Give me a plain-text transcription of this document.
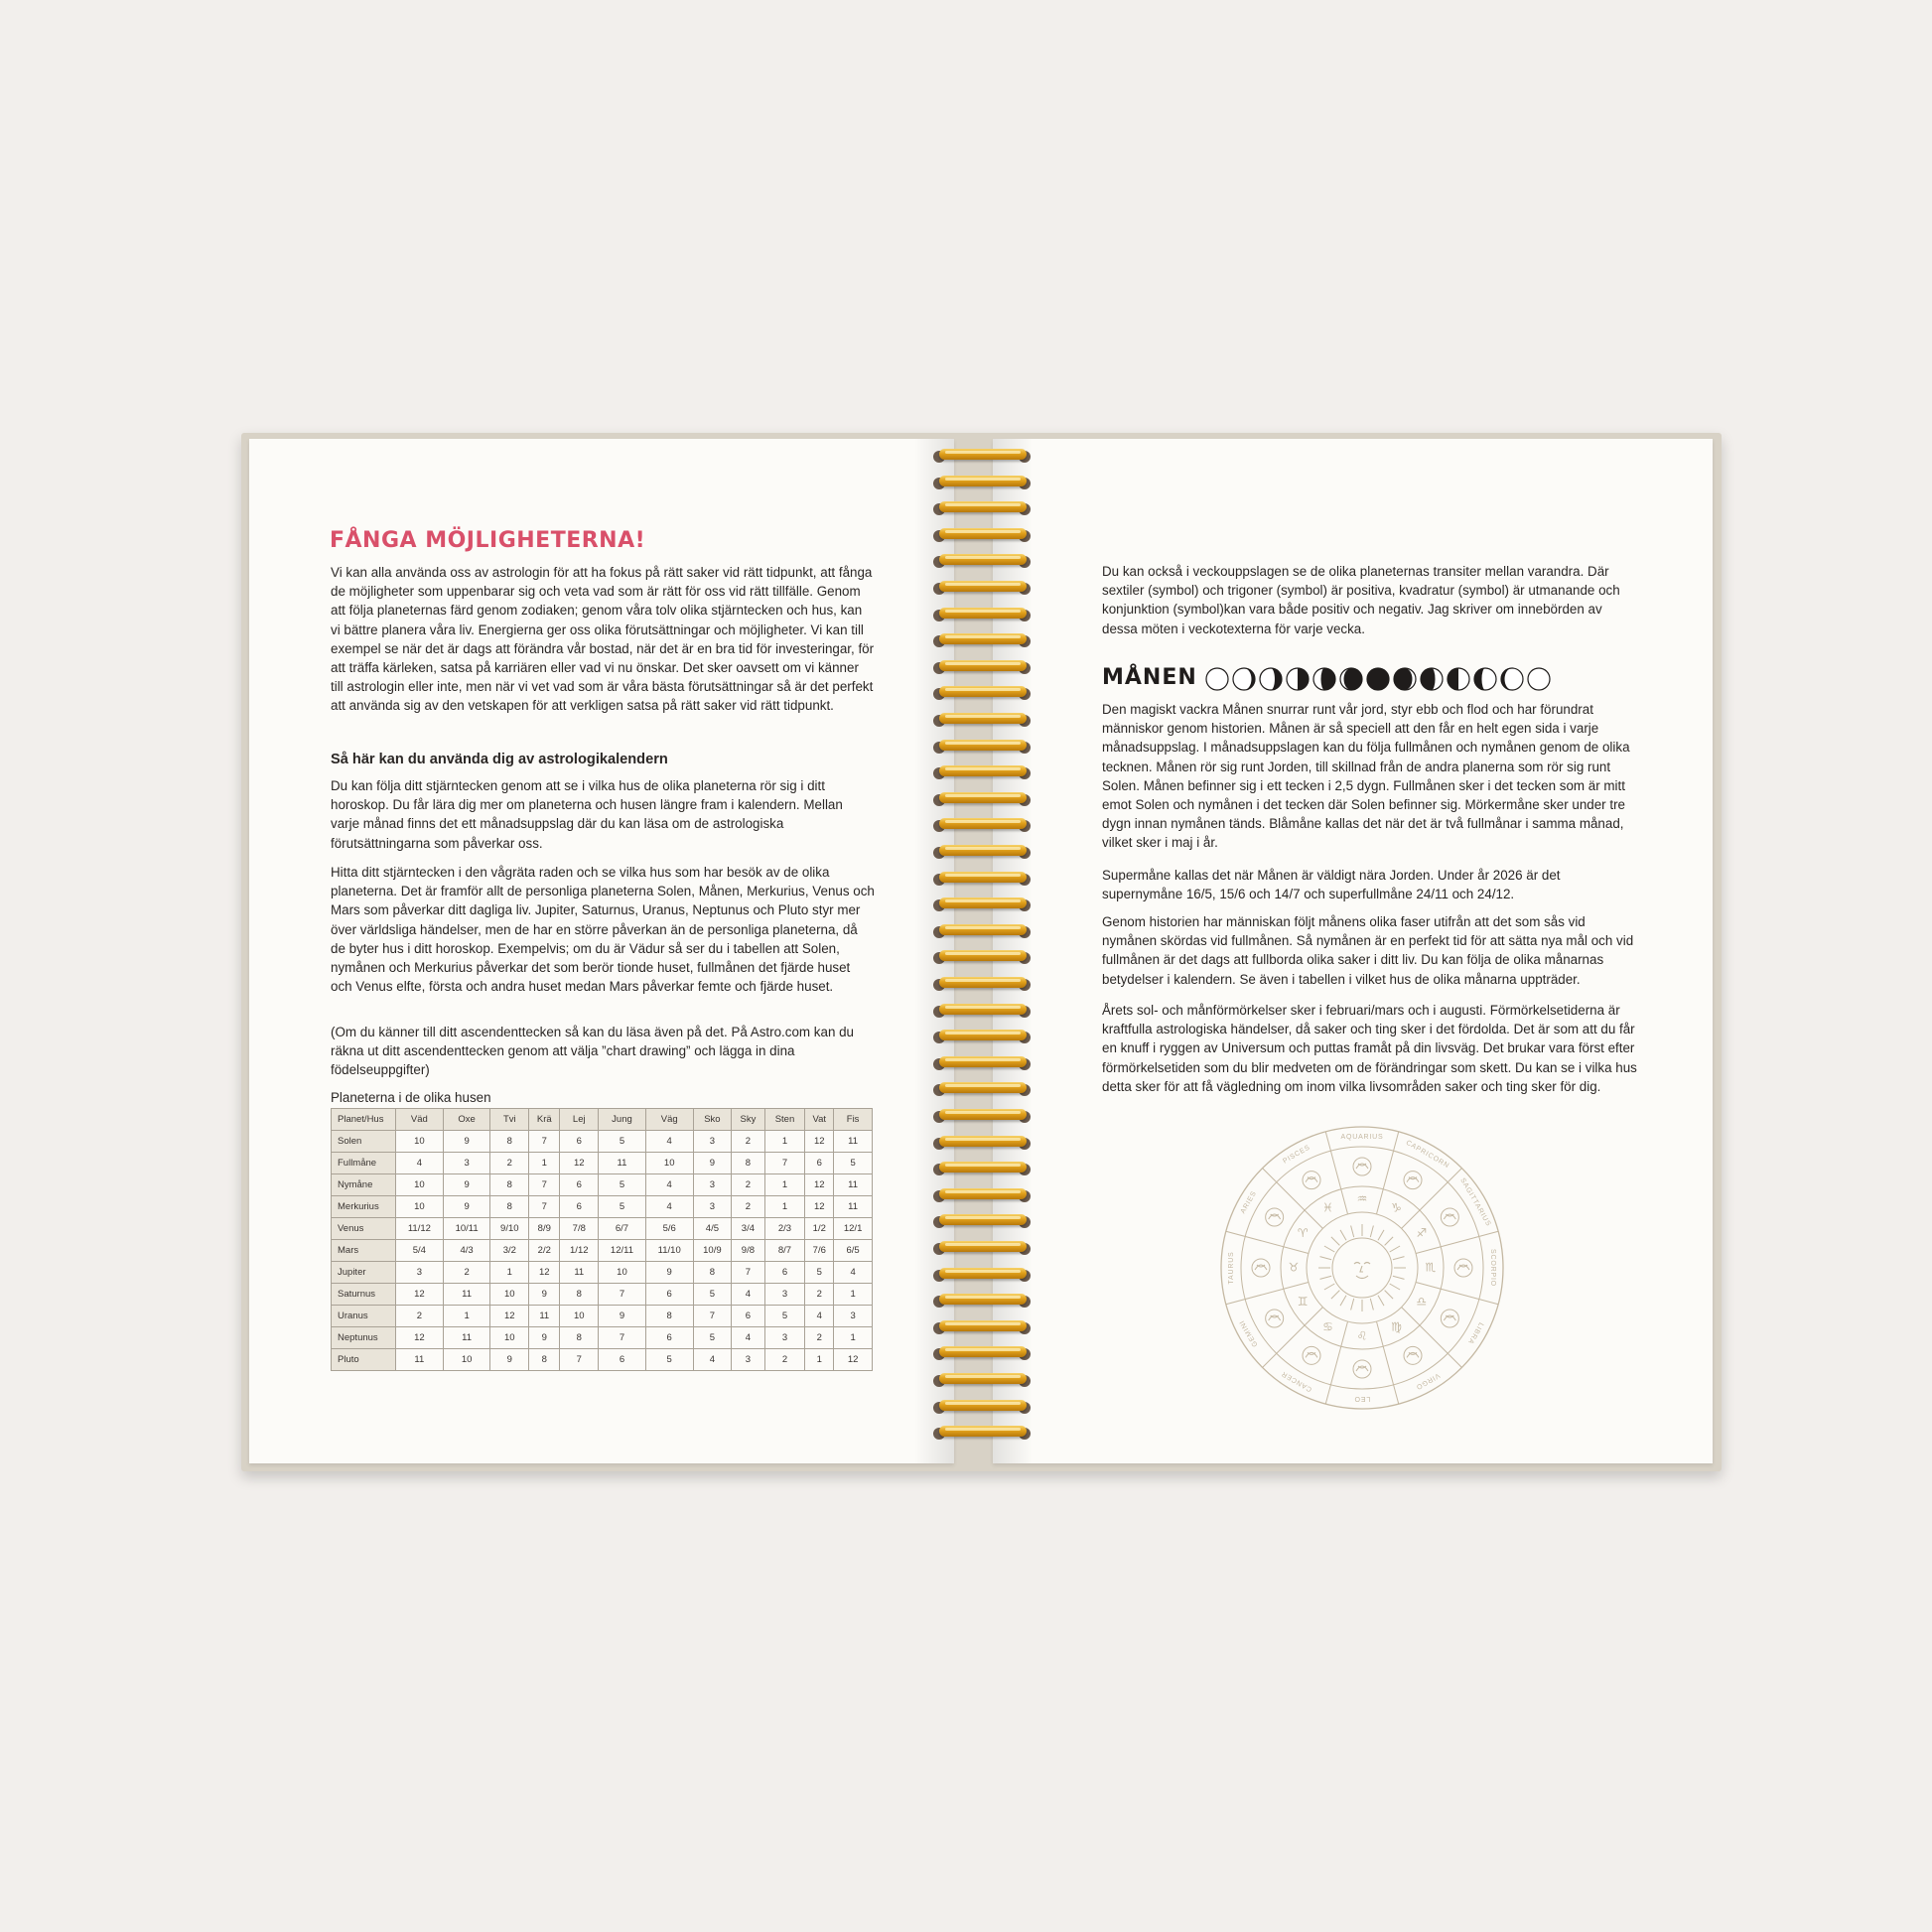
FÅNGA MÖJLIGHETERNA!

Vi kan alla använda oss av astrologin för att ha fokus på rätt saker vid rätt tidpunkt, att fånga de möjligheter som uppenbarar sig och veta vad som är rätt för oss vid rätt tillfälle. Genom att följa planeternas färd genom zodiaken; genom våra tolv olika stjärntecken och hus, kan vi bättre planera våra liv. Energierna ger oss olika förutsättningar och möjligheter. Vi kan till exempel se när det är dags att förändra vår bostad, när det är en bra tid för investeringar, för att träffa kärleken, satsa på karriären eller vad vi nu önskar. Det sker oavsett om vi känner till astrologin eller inte, men när vi vet vad som är våra bästa förutsättningar så är det perfekt att använda sig av den vetskapen för att verkligen satsa på rätt saker vid rätt tidpunkt.

Så här kan du använda dig av astrologikalendern

Du kan följa ditt stjärntecken genom att se i vilka hus de olika planeterna rör sig i ditt horoskop. Du får lära dig mer om planeterna och husen längre fram i kalendern. Mellan varje månad finns det ett månadsuppslag där du kan läsa om de astrologiska förutsättningarna som påverkar oss.

Hitta ditt stjärntecken i den vågräta raden och se vilka hus som har besök av de olika planeterna. Det är framför allt de personliga planeterna Solen, Månen, Merkurius, Venus och Mars som påverkar ditt dagliga liv. Jupiter, Saturnus, Uranus, Neptunus och Pluto styr mer över världsliga händelser, men de har en större påverkan än de personliga planeterna, då de byter hus i ditt horoskop. Exempelvis; om du är Vädur så ser du i tabellen att Solen, nymånen och Merkurius påverkar det som berör tionde huset, fullmånen det fjärde huset och Venus elfte, första och andra huset medan Mars påverkar femte och fjärde huset.

(Om du känner till ditt ascendenttecken så kan du läsa även på det. På Astro.com kan du räkna ut ditt ascendenttecken genom att välja ”chart drawing” och lägga in dina födelseuppgifter)

Planeterna i de olika husen

Planet/Hus	Väd	Oxe	Tvi	Krä	Lej	Jung	Väg	Sko	Sky	Sten	Vat	Fis
Solen	10	9	8	7	6	5	4	3	2	1	12	11
Fullmåne	4	3	2	1	12	11	10	9	8	7	6	5
Nymåne	10	9	8	7	6	5	4	3	2	1	12	11
Merkurius	10	9	8	7	6	5	4	3	2	1	12	11
Venus	11/12	10/11	9/10	8/9	7/8	6/7	5/6	4/5	3/4	2/3	1/2	12/1
Mars	5/4	4/3	3/2	2/2	1/12	12/11	11/10	10/9	9/8	8/7	7/6	6/5
Jupiter	3	2	1	12	11	10	9	8	7	6	5	4
Saturnus	12	11	10	9	8	7	6	5	4	3	2	1
Uranus	2	1	12	11	10	9	8	7	6	5	4	3
Neptunus	12	11	10	9	8	7	6	5	4	3	2	1
Pluto	11	10	9	8	7	6	5	4	3	2	1	12

Du kan också i veckouppslagen se de olika planeternas transiter mellan varandra. Där sextiler (symbol) och trigoner (symbol) är positiva, kvadratur (symbol) är utmanande och konjunktion (symbol)kan vara både positiv och negativ. Jag skriver om innebörden av dessa möten i veckotexterna för varje vecka.

MÅNEN

Den magiskt vackra Månen snurrar runt vår jord, styr ebb och flod och har förundrat människor genom historien. Månen är så speciell att den får en helt egen sida i varje månadsuppslag. I månadsuppslagen kan du följa fullmånen och nymånen genom de olika tecknen. Månen rör sig runt Jorden, till skillnad från de andra planerna som rör sig runt Solen. Månen befinner sig i ett tecken i 2,5 dygn. Fullmånen sker i det tecken som är mitt emot Solen och nymånen i det tecken där Solen befinner sig. Mörkermåne sker under tre dygn innan nymånen tänds. Blåmåne kallas det när det är två fullmånar i samma månad, vilket sker i maj i år.

Supermåne kallas det när Månen är väldigt nära Jorden. Under år 2026 är det supernymåne 16/5, 15/6 och 14/7 och superfullmåne 24/11 och 24/12.

Genom historien har människan följt månens olika faser utifrån att det som sås vid nymånen skördas vid fullmånen. Så nymånen är en perfekt tid för att sätta nya mål och vid fullmånen är det dags att fullborda olika saker i ditt liv. Du kan följa de olika månarnas betydelser i kalendern. Se även i tabellen i vilket hus de olika månarna uppträder.

Årets sol- och månförmörkelser sker i februari/mars och i augusti. Förmörkelsetiderna är kraftfulla astrologiska händelser, då saker och ting sker i det fördolda. Det är som att du får en knuff i ryggen av Universum och puttas framåt på din livsväg. Det brukar vara först efter förmörkelsetiden som du blir medveten om de förändringar som skett. Du kan se i vilka hus detta sker för att få vägledning om inom vilka livsområden saker och ting sker för dig.

CAPRICORN
SAGITTARIUS
SCORPIO
LIBRA
VIRGO
LEO
CANCER
GEMINI
TAURUS
ARIES
PISCES
AQUARIUS
♑
♐
♏
♎
♍
♌
♋
♊
♉
♈
♓
♒
